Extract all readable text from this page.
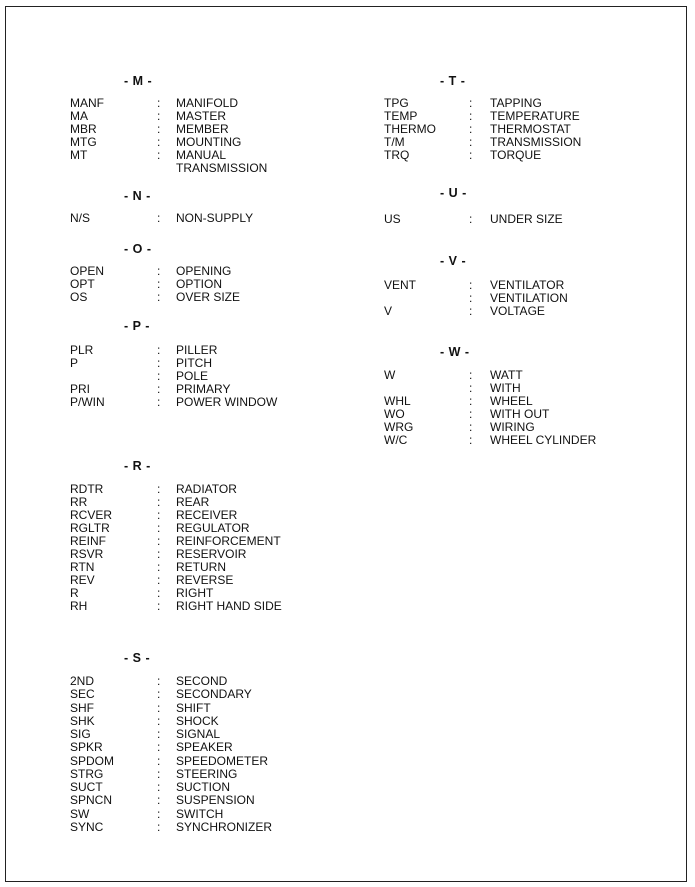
- M -
MANF	: MANIFOLD
MA	: MASTER
MBR	: MEMBER
MTG	: MOUNTING
MT	: MANUAL
TRANSMISSION
- N -
N/S	: NON-SUPPLY
- O -
OPEN	: OPENING
OPT	: OPTION
OS	: OVER SIZE
- P -
PLR	: PILLER
P	: PITCH
: POLE
PRI	: PRIMARY
P/WIN	: POWER WINDOW
- R -
RDTR	: RADIATOR
RR	: REAR
RCVER	: RECEIVER
RGLTR	: REGULATOR
REINF	: REINFORCEMENT
RSVR	: RESERVOIR
RTN	: RETURN
REV	: REVERSE
R	: RIGHT
RH	: RIGHT HAND SIDE
- S -
2ND	: SECOND
SEC	: SECONDARY
SHF	: SHIFT
SHK	: SHOCK
SIG	: SIGNAL
SPKR	: SPEAKER
SPDOM	: SPEEDOMETER
STRG	: STEERING
SUCT	: SUCTION
SPNCN	: SUSPENSION
SW	: SWITCH
SYNC	: SYNCHRONIZER
- T -
TPG	: TAPPING
TEMP	: TEMPERATURE
THERMO	: THERMOSTAT
T/M	: TRANSMISSION
TRQ	: TORQUE
- U -
US	: UNDER SIZE
- V -
VENT	: VENTILATOR
: VENTILATION
V	: VOLTAGE
- W -
W	: WATT
: WITH
WHL	: WHEEL
WO	: WITH OUT
WRG	: WIRING
W/C	: WHEEL CYLINDER
